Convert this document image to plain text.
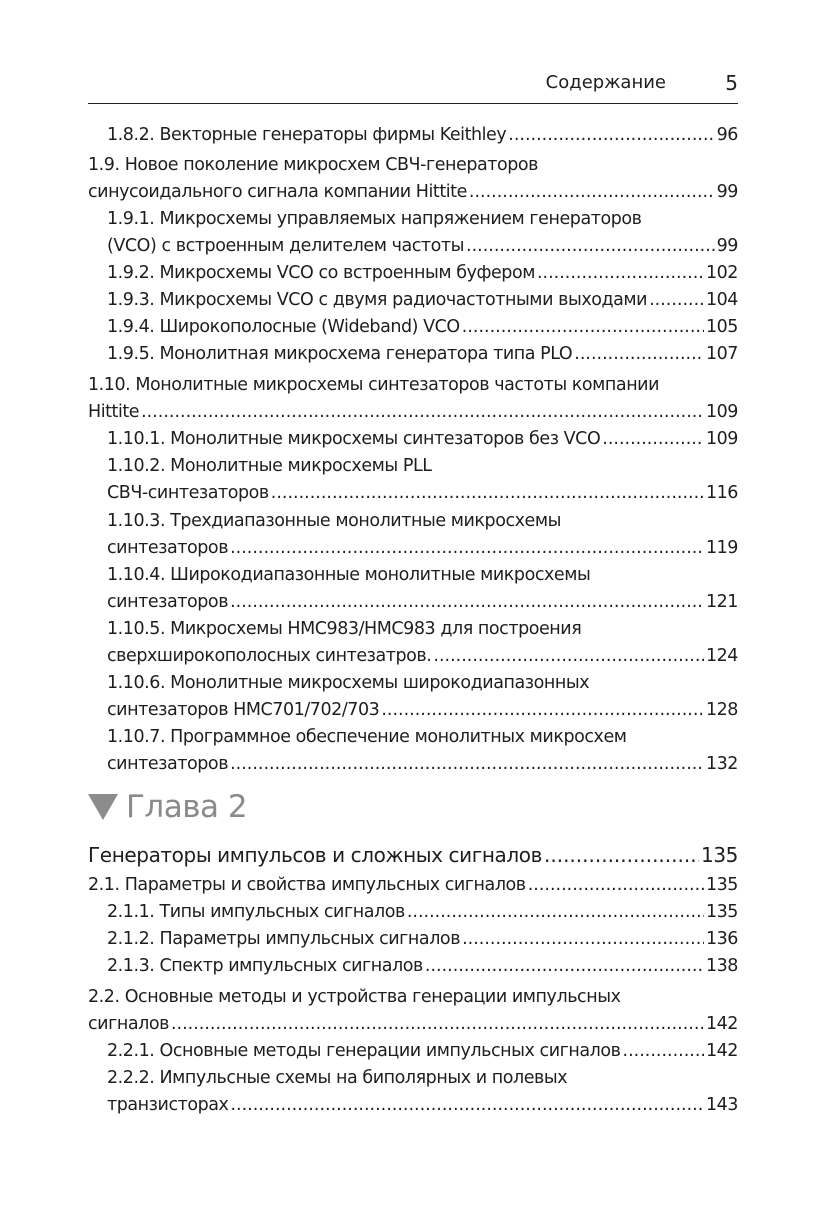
Содержание	5
1.8.2. Векторные генераторы фирмы Keithley .....	96
1.9. Новое поколение микросхем СВЧ-генераторов
синусоидального сигнала компании Hittite .....	99
1.9.1. Микросхемы управляемых напряжением генераторов
(VCO) с встроенным делителем частоты .....	99
1.9.2. Микросхемы VCO со встроенным буфером .....	102
1.9.3. Микросхемы VCO с двумя радиочастотными выходами .....	104
1.9.4. Широкополосные (Wideband) VCO .....	105
1.9.5. Монолитная микросхема генератора типа PLO .....	107
1.10. Монолитные микросхемы синтезаторов частоты компании
Hittite .....	109
1.10.1. Монолитные микросхемы синтезаторов без VCO .....	109
1.10.2. Монолитные микросхемы PLL
СВЧ-синтезаторов .....	116
1.10.3. Трехдиапазонные монолитные микросхемы
синтезаторов .....	119
1.10.4. Широкодиапазонные монолитные микросхемы
синтезаторов .....	121
1.10.5. Микросхемы HMC983/HMC983 для построения
сверхширокополосных синтезатров. .....	124
1.10.6. Монолитные микросхемы широкодиапазонных
синтезаторов HMC701/702/703 .....	128
1.10.7. Программное обеспечение монолитных микросхем
синтезаторов .....	132
Генераторы импульсов и сложных сигналов .....	135
2.1. Параметры и свойства импульсных сигналов .....	135
2.1.1. Типы импульсных сигналов .....	135
2.1.2. Параметры импульсных сигналов .....	136
2.1.3. Спектр импульсных сигналов .....	138
2.2. Основные методы и устройства генерации импульсных
сигналов .....	142
2.2.1. Основные методы генерации импульсных сигналов .....	142
2.2.2. Импульсные схемы на биполярных и полевых
транзисторах .....	143
Глава 2
